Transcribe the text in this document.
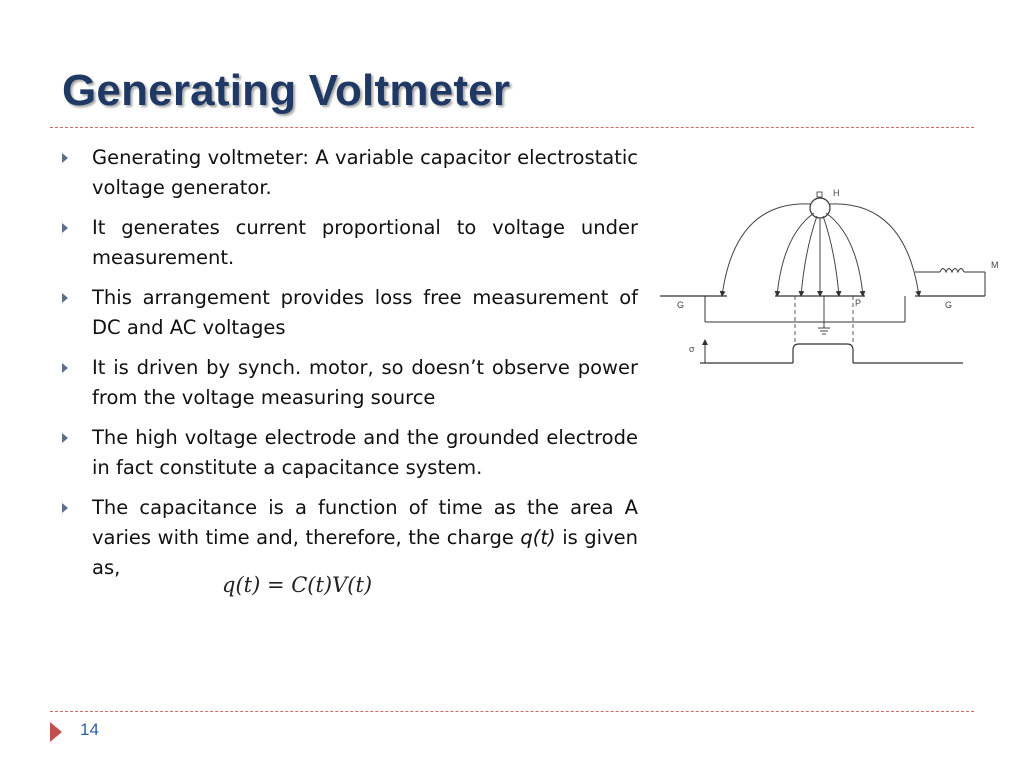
Generating Voltmeter
Generating voltmeter: A variable capacitor electrostatic voltage generator.
It generates current proportional to voltage under measurement.
This arrangement provides loss free measurement of DC and AC voltages
It is driven by synch. motor, so doesn’t observe power from the voltage measuring source
The high voltage electrode and the grounded electrode in fact constitute a capacitance system.
The capacitance is a function of time as the area A varies with time and, therefore, the charge q(t) is given as,
q(t) = C(t)V(t)
H
G	P	G
M
σ
14
